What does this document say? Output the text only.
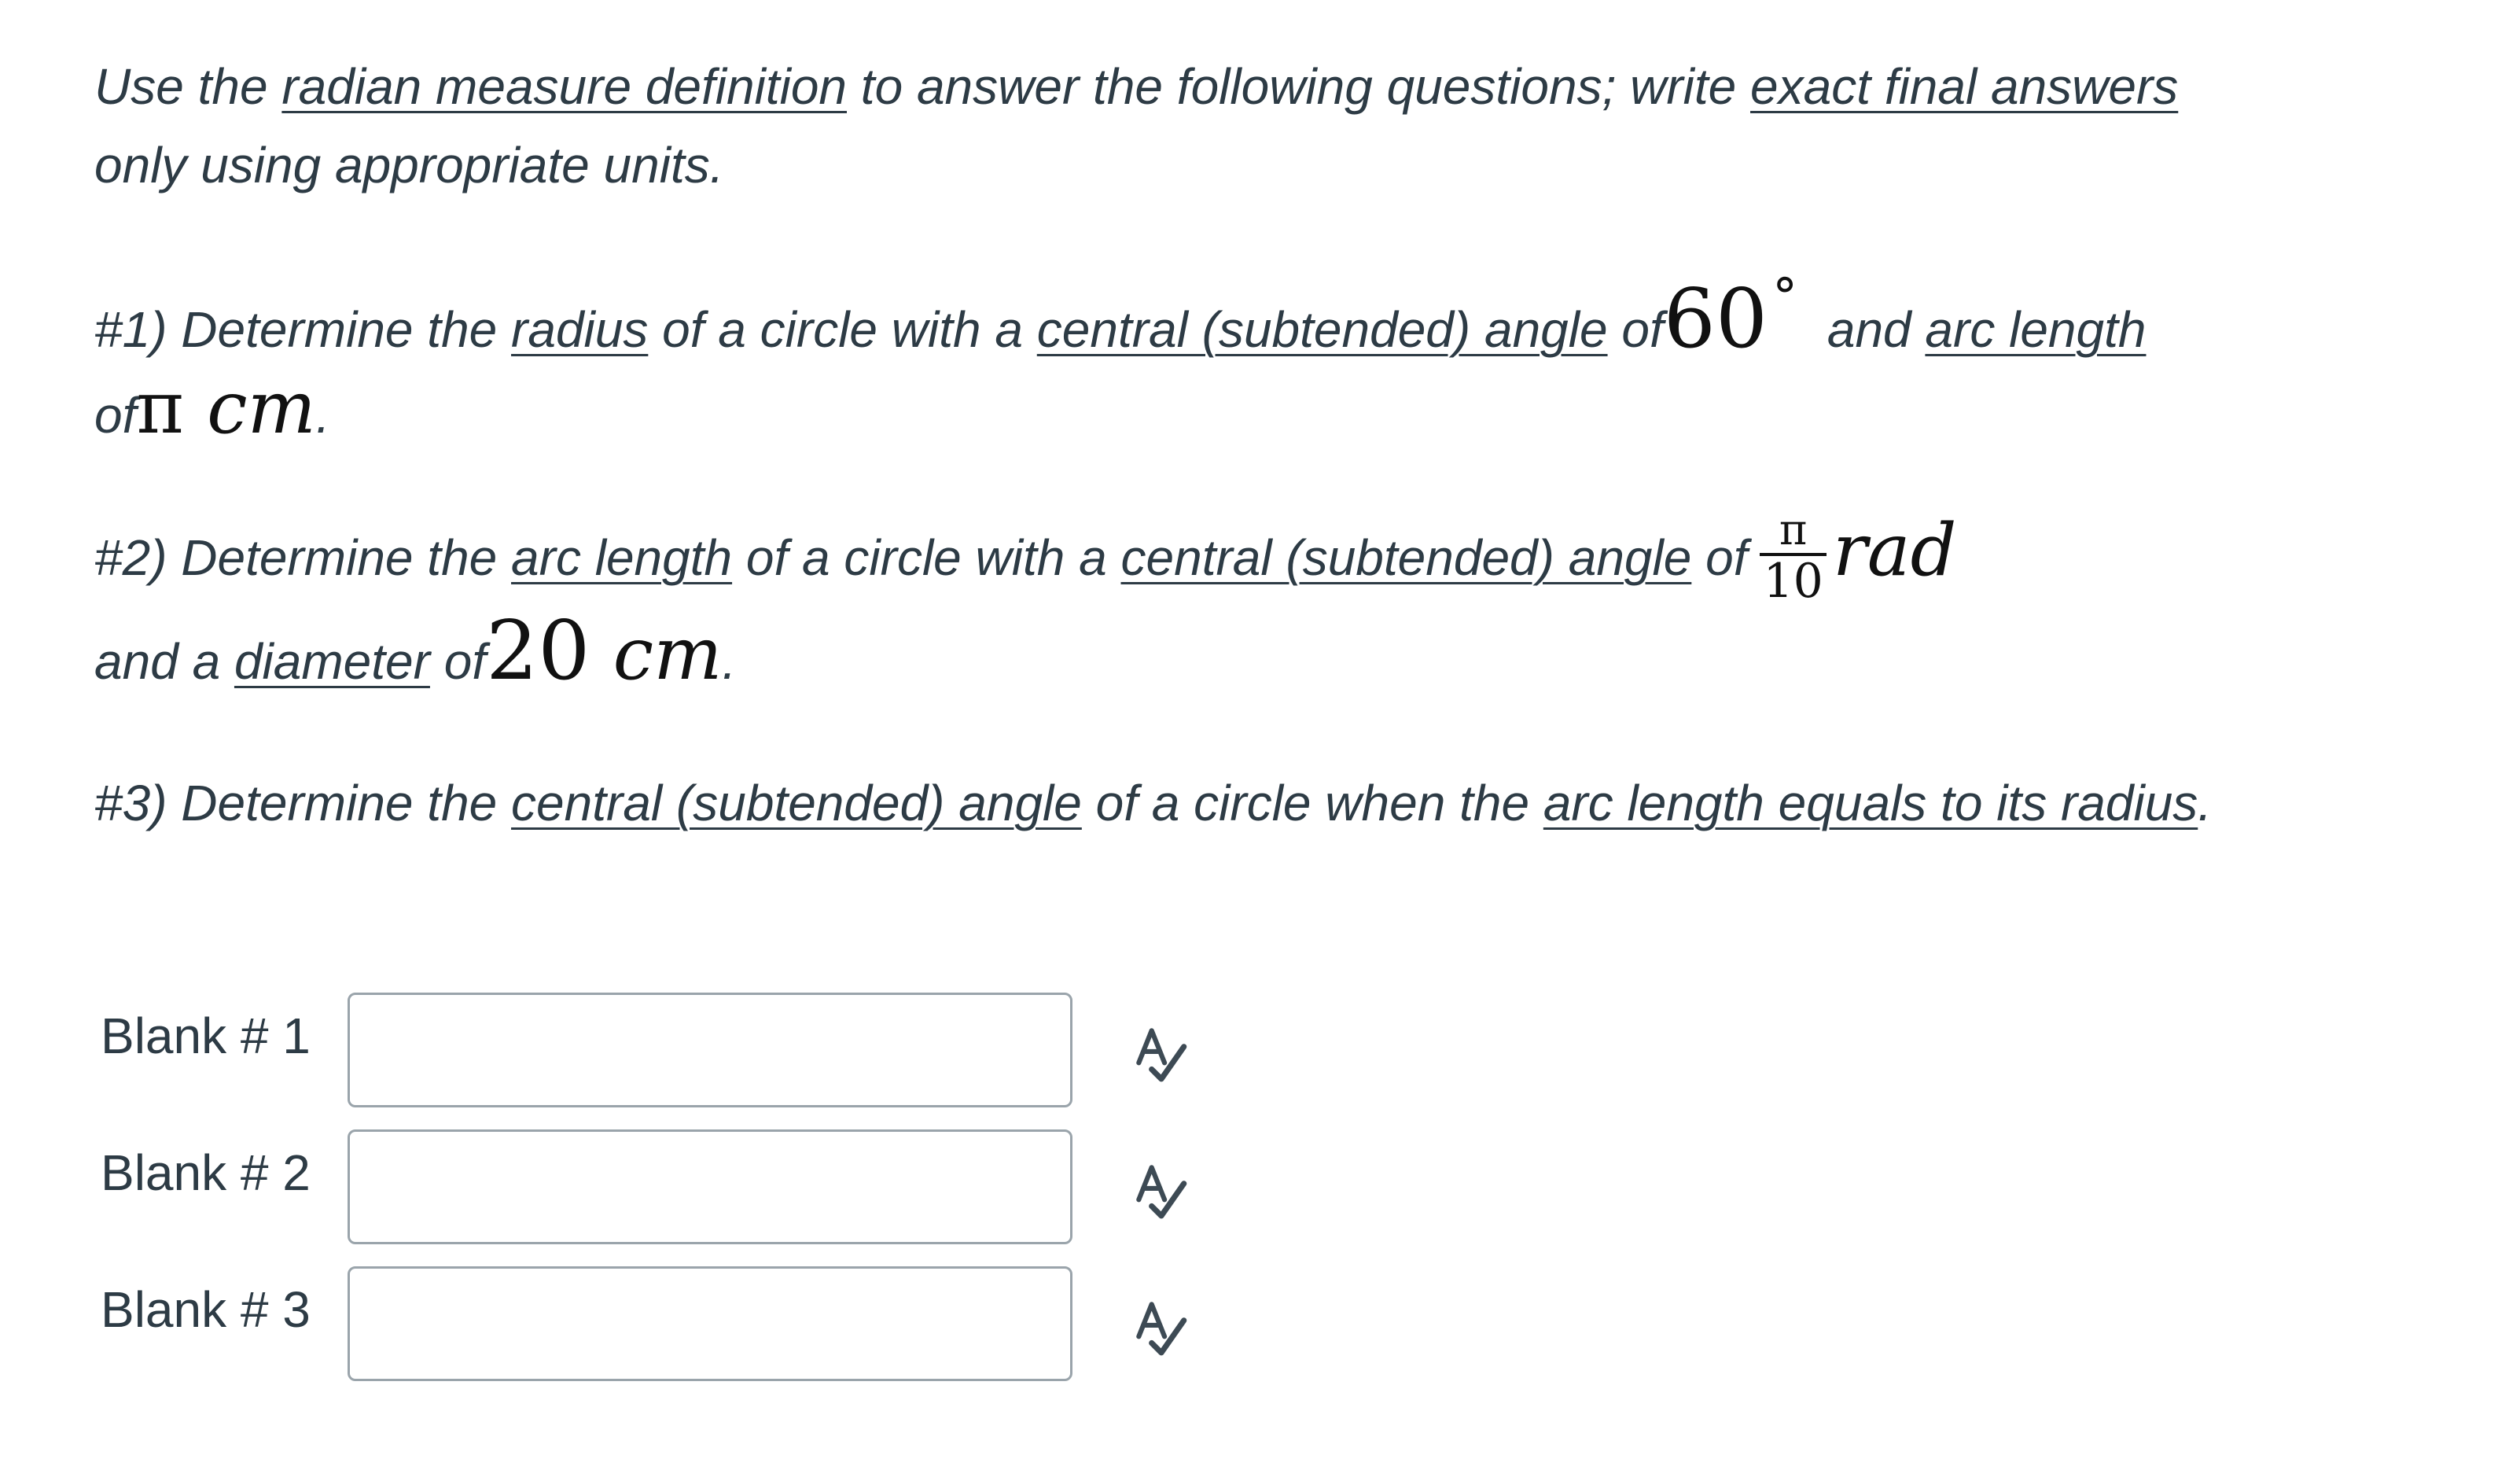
Use the radian measure definition to answer the following questions; write exact final answers only using appropriate units.

#1) Determine the radius of a circle with a central (subtended) angle of60° and arc length ofπ cm.

#2) Determine the arc length of a circle with a central (subtended) angle of $\frac{\pi}{10}$ rad
and a diameter of20 cm.

#3) Determine the central (subtended) angle of a circle when the arc length equals to its radius.

Blank # 1
Blank # 2
Blank # 3
